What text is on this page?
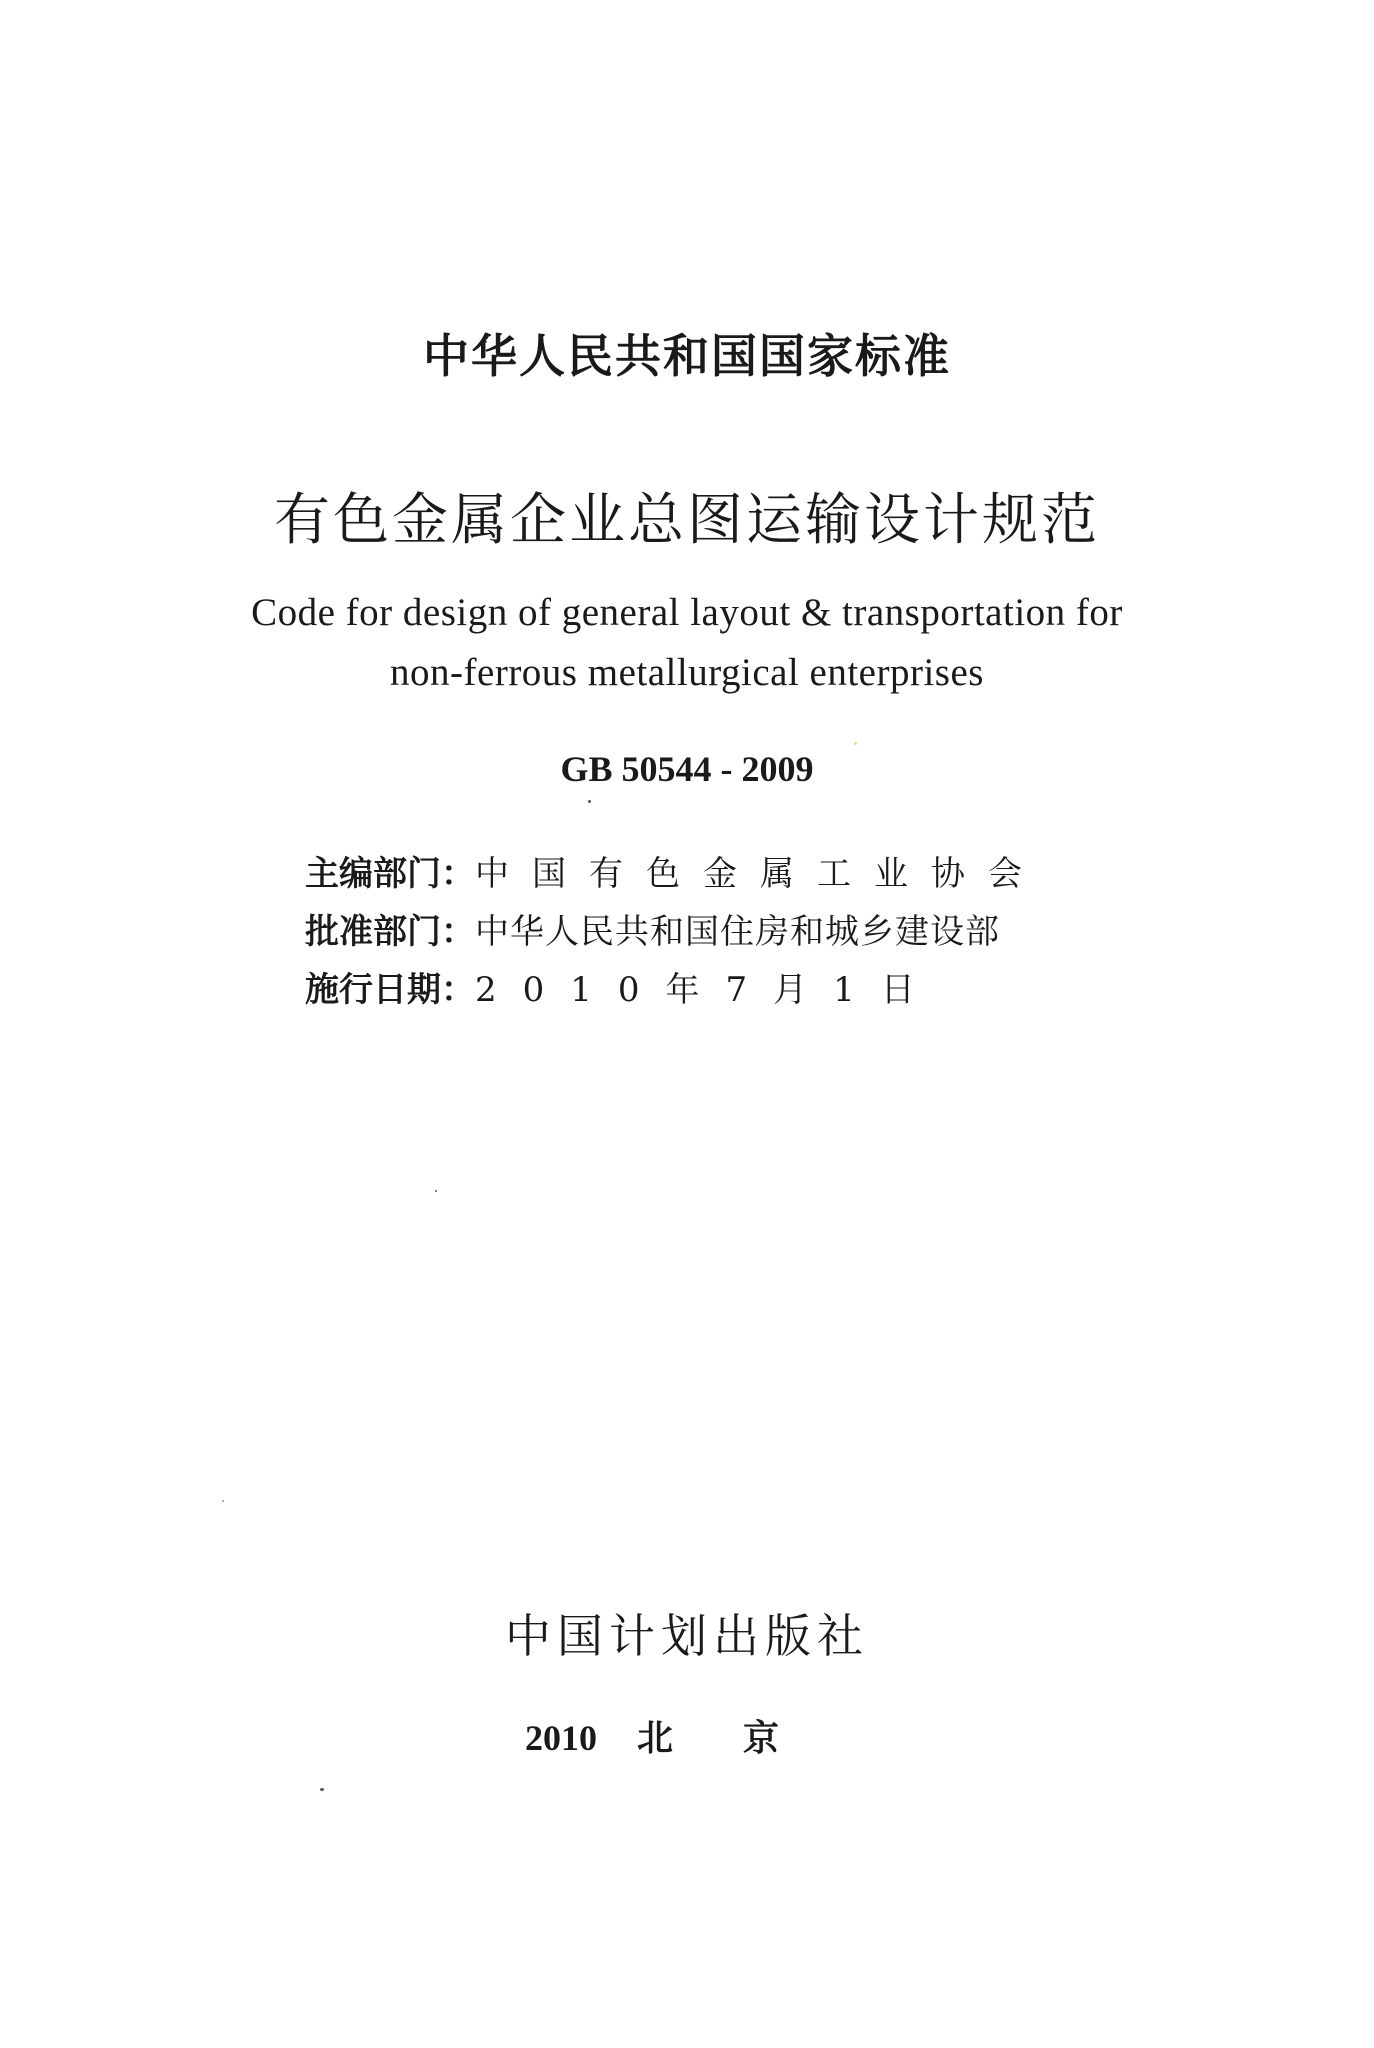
中华人民共和国国家标准
有色金属企业总图运输设计规范
Code for design of general layout & transportation for
non-ferrous metallurgical enterprises
GB 50544 - 2009
主编部门： 中国有色金属工业协会
批准部门： 中华人民共和国住房和城乡建设部
施行日期： 2010年7月1日
中国计划出版社
2010 北京
